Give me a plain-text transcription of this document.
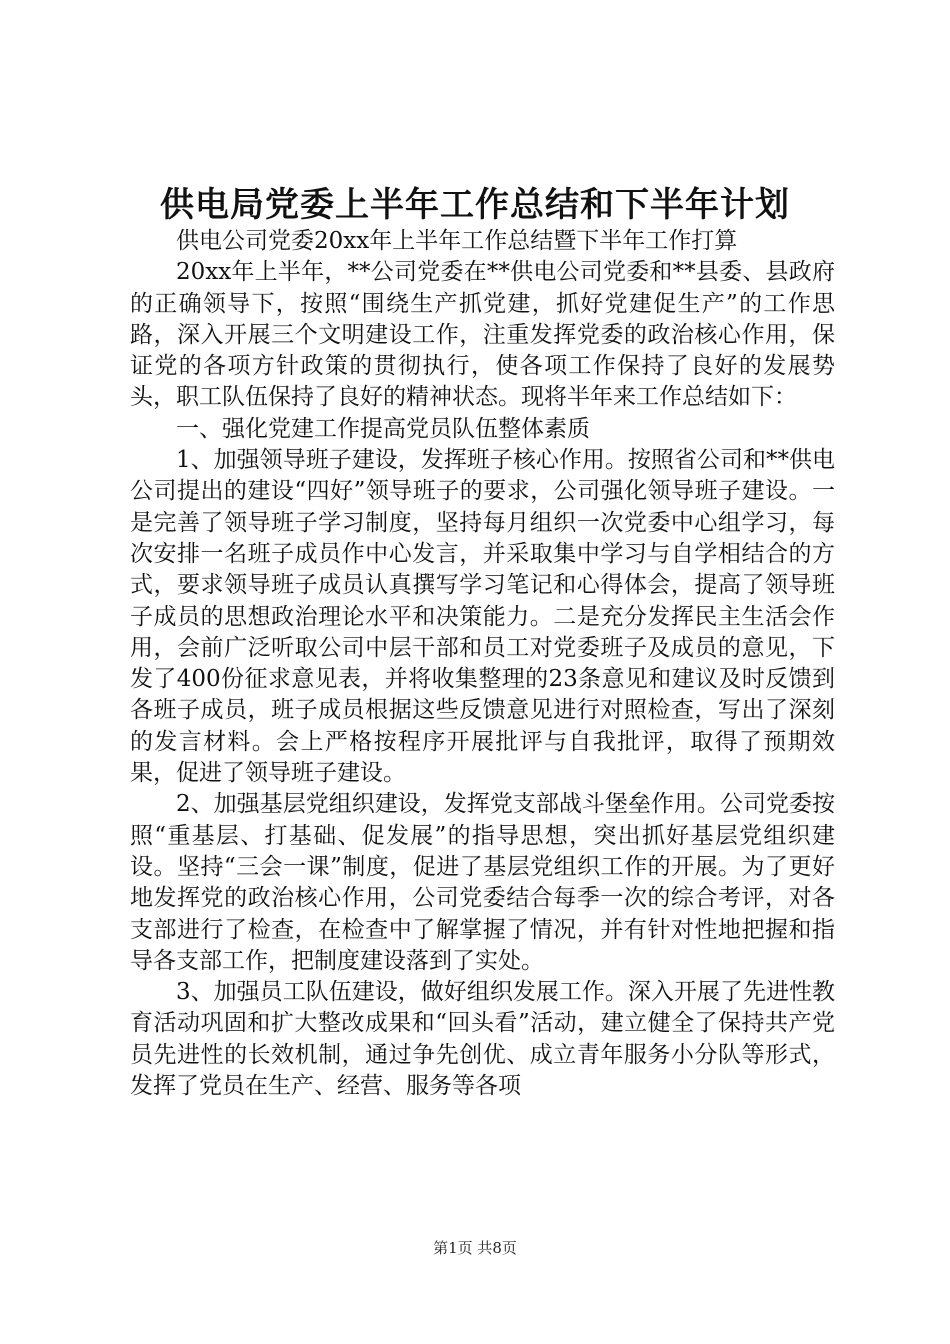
供电局党委上半年工作总结和下半年计划

供电公司党委20xx年上半年工作总结暨下半年工作打算

20xx年上半年，**公司党委在**供电公司党委和**县委、县政府的正确领导下，按照“围绕生产抓党建，抓好党建促生产”的工作思路，深入开展三个文明建设工作，注重发挥党委的政治核心作用，保证党的各项方针政策的贯彻执行，使各项工作保持了良好的发展势头，职工队伍保持了良好的精神状态。现将半年来工作总结如下：

一、强化党建工作提高党员队伍整体素质

1、加强领导班子建设，发挥班子核心作用。按照省公司和**供电公司提出的建设“四好”领导班子的要求，公司强化领导班子建设。一是完善了领导班子学习制度，坚持每月组织一次党委中心组学习，每次安排一名班子成员作中心发言，并采取集中学习与自学相结合的方式，要求领导班子成员认真撰写学习笔记和心得体会，提高了领导班子成员的思想政治理论水平和决策能力。二是充分发挥民主生活会作用，会前广泛听取公司中层干部和员工对党委班子及成员的意见，下发了400份征求意见表，并将收集整理的23条意见和建议及时反馈到各班子成员，班子成员根据这些反馈意见进行对照检查，写出了深刻的发言材料。会上严格按程序开展批评与自我批评，取得了预期效果，促进了领导班子建设。

2、加强基层党组织建设，发挥党支部战斗堡垒作用。公司党委按照“重基层、打基础、促发展”的指导思想，突出抓好基层党组织建设。坚持“三会一课”制度，促进了基层党组织工作的开展。为了更好地发挥党的政治核心作用，公司党委结合每季一次的综合考评，对各支部进行了检查，在检查中了解掌握了情况，并有针对性地把握和指导各支部工作，把制度建设落到了实处。

3、加强员工队伍建设，做好组织发展工作。深入开展了先进性教育活动巩固和扩大整改成果和“回头看”活动，建立健全了保持共产党员先进性的长效机制，通过争先创优、成立青年服务小分队等形式，发挥了党员在生产、经营、服务等各项

第1页 共8页
